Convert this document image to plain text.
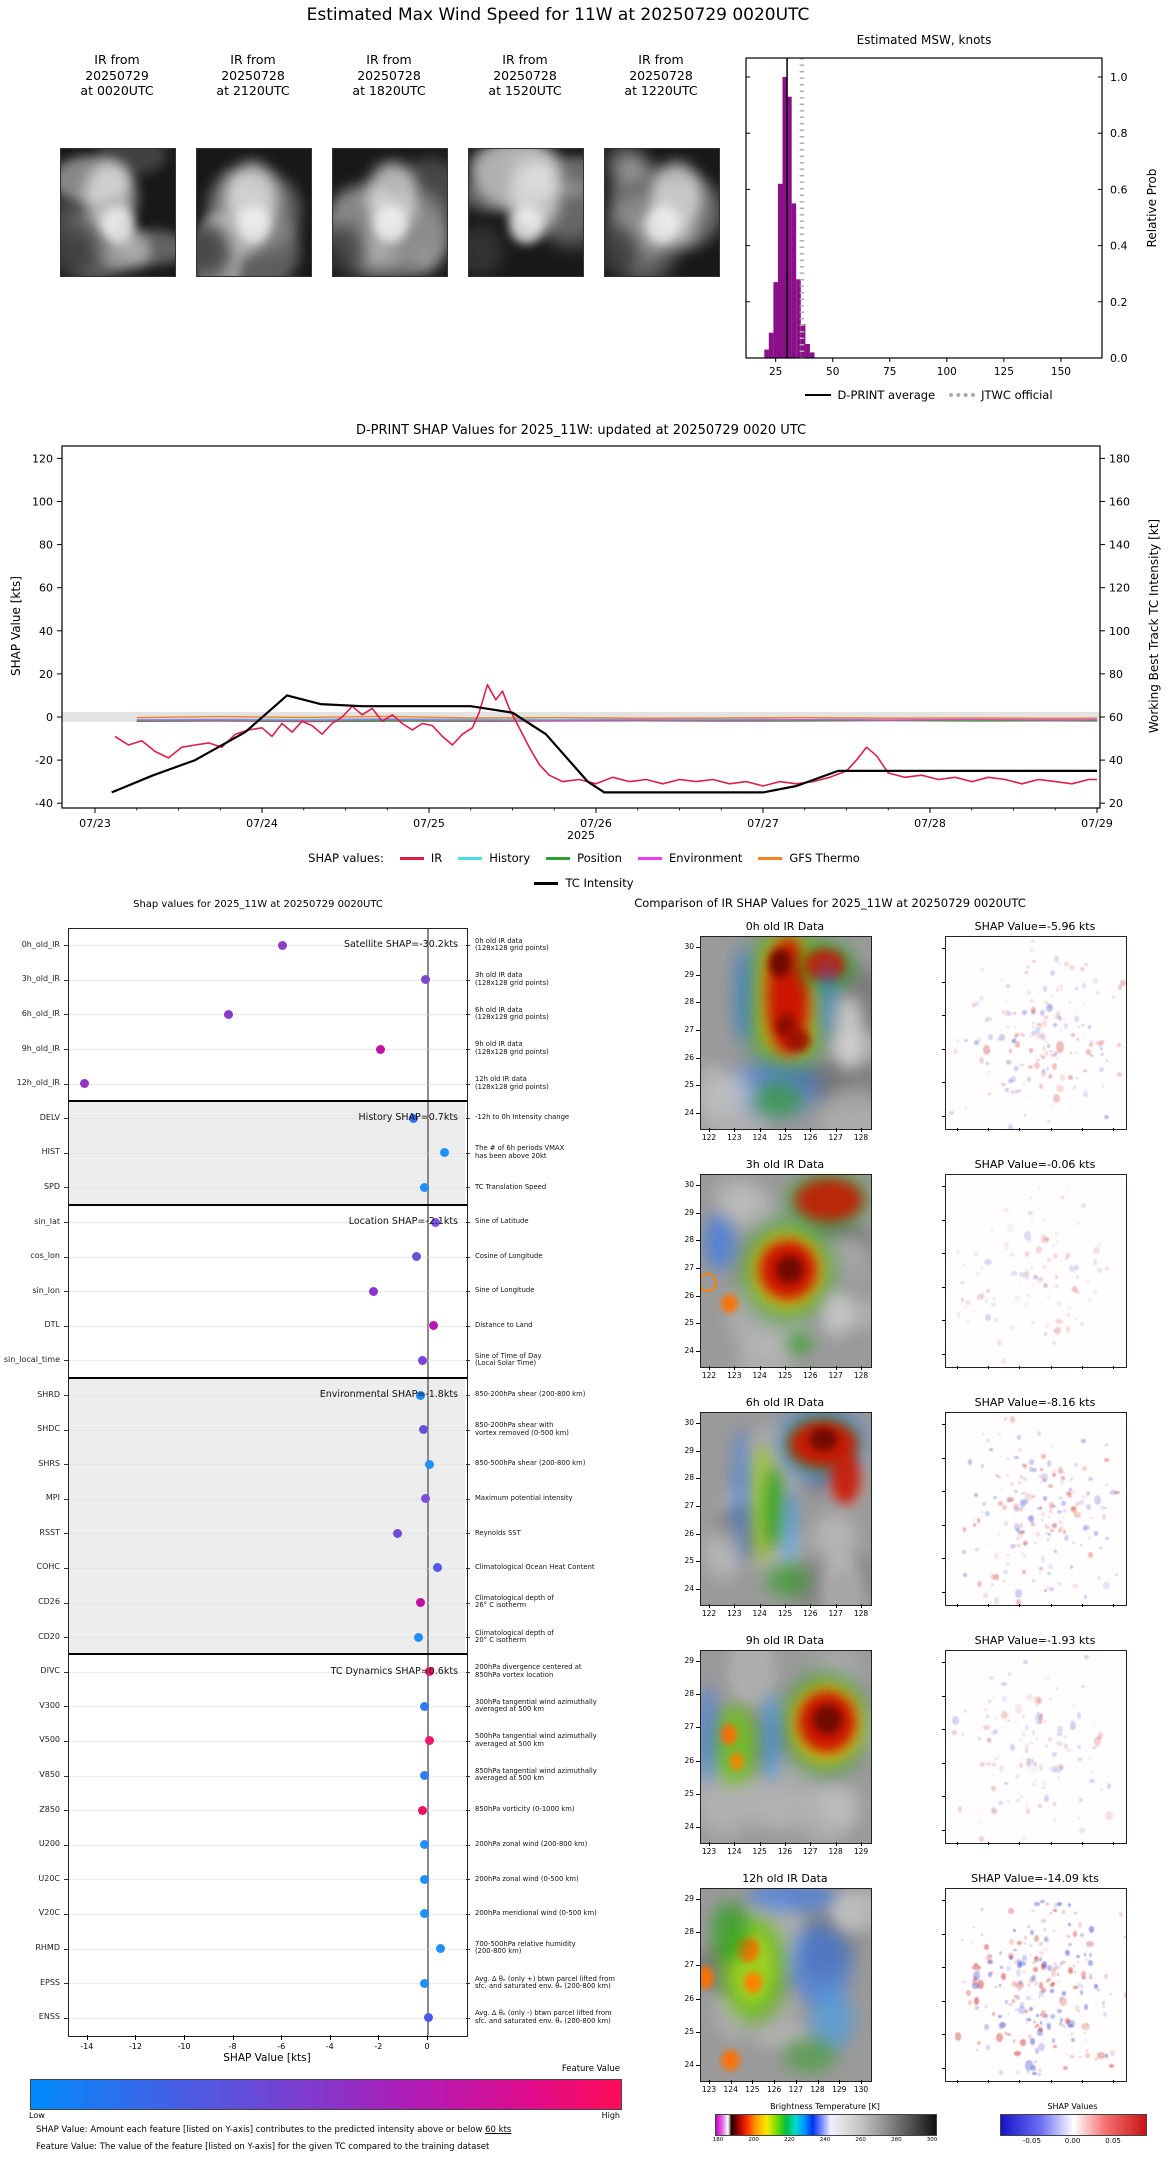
Estimated Max Wind Speed for 11W at 20250729 0020UTC
IR from
20250729
at 0020UTC
IR from
20250728
at 2120UTC
IR from
20250728
at 1820UTC
IR from
20250728
at 1520UTC
IR from
20250728
at 1220UTC
Estimated MSW, knots
25	50	75	100	125	150
0.0
0.2
0.4
0.6
0.8
1.0
Relative Prob
D-PRINT average	JTWC official
D-PRINT SHAP Values for 2025_11W: updated at 20250729 0020 UTC
07/23	07/24	07/25	07/26	07/27	07/28	07/29
120
100
80
60
40
20
0
-20
-40
180
160
140
120
100
80
60
40
20
SHAP Value [kts]	Working Best Track TC Intensity [kt]
2025
SHAP values:	IR	History	Position	Environment	GFS Thermo
TC Intensity
Shap values for 2025_11W at 20250729 0020UTC
0h_old_IR	0h old IR data
(128x128 grid points)
3h_old_IR	3h old IR data
(128x128 grid points)
6h_old_IR	6h old IR data
(128x128 grid points)
9h_old_IR	9h old IR data
(128x128 grid points)
12h_old_IR	12h old IR data
(128x128 grid points)
DELV	-12h to 0h Intensity change
HIST	The # of 6h periods VMAX
has been above 20kt
SPD	TC Translation Speed
sin_lat	Sine of Latitude
cos_lon	Cosine of Longitude
sin_lon	Sine of Longitude
DTL	Distance to Land
sin_local_time	Sine of Time of Day
(Local Solar Time)
SHRD	850-200hPa shear (200-800 km)
SHDC	850-200hPa shear with
vortex removed (0-500 km)
SHRS	850-500hPa shear (200-800 km)
MPI	Maximum potential intensity
RSST	Reynolds SST
COHC	Climatological Ocean Heat Content
CD26	Climatological depth of
26° C isotherm
CD20	Climatological depth of
20° C isotherm
DIVC	200hPa divergence centered at
850hPa vortex location
V300	300hPa tangential wind azimuthally
averaged at 500 km
V500	500hPa tangential wind azimuthally
averaged at 500 km
V850	850hPa tangential wind azimuthally
averaged at 500 km
Z850	850hPa vorticity (0-1000 km)
U200	200hPa zonal wind (200-800 km)
U20C	200hPa zonal wind (0-500 km)
V20C	200hPa meridional wind (0-500 km)
RHMD	700-500hPa relative humidity
(200-800 km)
EPSS	Avg. Δ θₑ (only +) btwn parcel lifted from
sfc. and saturated env. θₑ (200-800 km)
ENSS	Avg. Δ θₑ (only -) btwn parcel lifted from
sfc. and saturated env. θₑ (200-800 km)
Satellite SHAP=-30.2kts
History SHAP=0.7kts
Location SHAP=-2.1kts
Environmental SHAP=-1.8kts
TC Dynamics SHAP=0.6kts
-14	-12	-10	-8	-6	-4	-2	0
SHAP Value [kts]
Feature Value
Low	High
SHAP Value: Amount each feature [listed on Y-axis] contributes to the predicted intensity above or below 60 kts
Feature Value: The value of the feature [listed on Y-axis] for the given TC compared to the training dataset
Comparison of IR SHAP Values for 2025_11W at 20250729 0020UTC
0h old IR Data	SHAP Value=-5.96 kts
30
29
28
27
26
25
24
122	123	124	125	126	127	128
3h old IR Data	SHAP Value=-0.06 kts
30
29
28
27
26
25
24
122	123	124	125	126	127	128
6h old IR Data	SHAP Value=-8.16 kts
30
29
28
27
26
25
24
122	123	124	125	126	127	128
9h old IR Data	SHAP Value=-1.93 kts
29
28
27
26
25
24
123	124	125	126	127	128	129
12h old IR Data	SHAP Value=-14.09 kts
29
28
27
26
25
24
123 124 125 126 127 128 129 130
Brightness Temperature [K]
180	200	220	240	260	280	300
SHAP Values
-0.05	0.00	0.05
